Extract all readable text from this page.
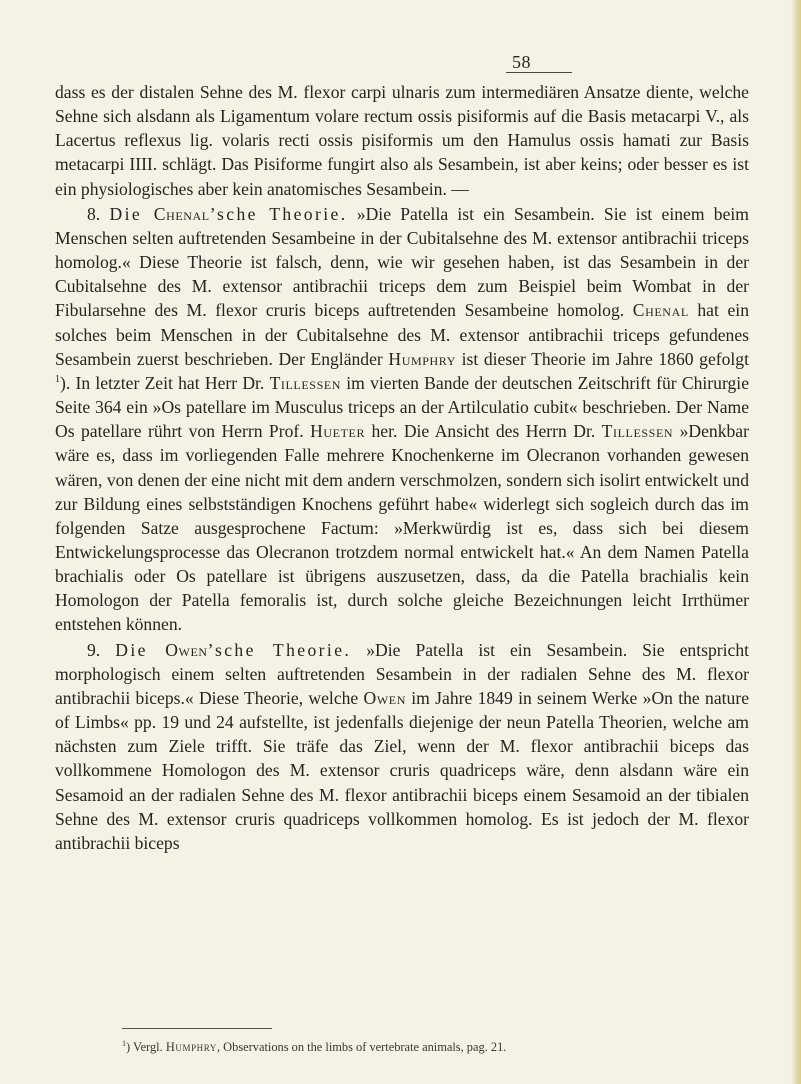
58

dass es der distalen Sehne des M. flexor carpi ulnaris zum intermediären Ansatze diente, welche Sehne sich alsdann als Ligamentum volare rectum ossis pisiformis auf die Basis metacarpi V., als Lacertus reflexus lig. volaris recti ossis pisiformis um den Hamulus ossis hamati zur Basis metacarpi IIII. schlägt. Das Pisiforme fungirt also als Sesambein, ist aber keins; oder besser es ist ein physiologisches aber kein anatomisches Sesambein. —

8. Die Chenal’sche Theorie. »Die Patella ist ein Sesambein. Sie ist einem beim Menschen selten auftretenden Sesambeine in der Cubitalsehne des M. extensor antibrachii triceps homolog.« Diese Theorie ist falsch, denn, wie wir gesehen haben, ist das Sesambein in der Cubitalsehne des M. extensor antibrachii triceps dem zum Beispiel beim Wombat in der Fibularsehne des M. flexor cruris biceps auftretenden Sesambeine homolog. Chenal hat ein solches beim Menschen in der Cubitalsehne des M. extensor antibrachii triceps gefundenes Sesambein zuerst beschrieben. Der Engländer Humphry ist dieser Theorie im Jahre 1860 gefolgt $^1$). In letzter Zeit hat Herr Dr. Tillessen im vierten Bande der deutschen Zeitschrift für Chirurgie Seite 364 ein »Os patellare im Musculus triceps an der Artilculatio cubit« beschrieben. Der Name Os patellare rührt von Herrn Prof. Hueter her. Die Ansicht des Herrn Dr. Tillessen »Denkbar wäre es, dass im vorliegenden Falle mehrere Knochenkerne im Olecranon vorhanden gewesen wären, von denen der eine nicht mit dem andern verschmolzen, sondern sich isolirt entwickelt und zur Bildung eines selbstständigen Knochens geführt habe« widerlegt sich sogleich durch das im folgenden Satze ausgesprochene Factum: »Merkwürdig ist es, dass sich bei diesem Entwickelungsprocesse das Olecranon trotzdem normal entwickelt hat.« An dem Namen Patella brachialis oder Os patellare ist übrigens auszusetzen, dass, da die Patella brachialis kein Homologon der Patella femoralis ist, durch solche gleiche Bezeichnungen leicht Irrthümer entstehen können.

9. Die Owen’sche Theorie. »Die Patella ist ein Sesambein. Sie entspricht morphologisch einem selten auftretenden Sesambein in der radialen Sehne des M. flexor antibrachii biceps.« Diese Theorie, welche Owen im Jahre 1849 in seinem Werke »On the nature of Limbs« pp. 19 und 24 aufstellte, ist jedenfalls diejenige der neun Patella Theorien, welche am nächsten zum Ziele trifft. Sie träfe das Ziel, wenn der M. flexor antibrachii biceps das vollkommene Homologon des M. extensor cruris quadriceps wäre, denn alsdann wäre ein Sesamoid an der radialen Sehne des M. flexor antibrachii biceps einem Sesamoid an der tibialen Sehne des M. extensor cruris quadriceps vollkommen homolog. Es ist jedoch der M. flexor antibrachii biceps

$^1$) Vergl. Humphry, Observations on the limbs of vertebrate animals, pag. 21.
